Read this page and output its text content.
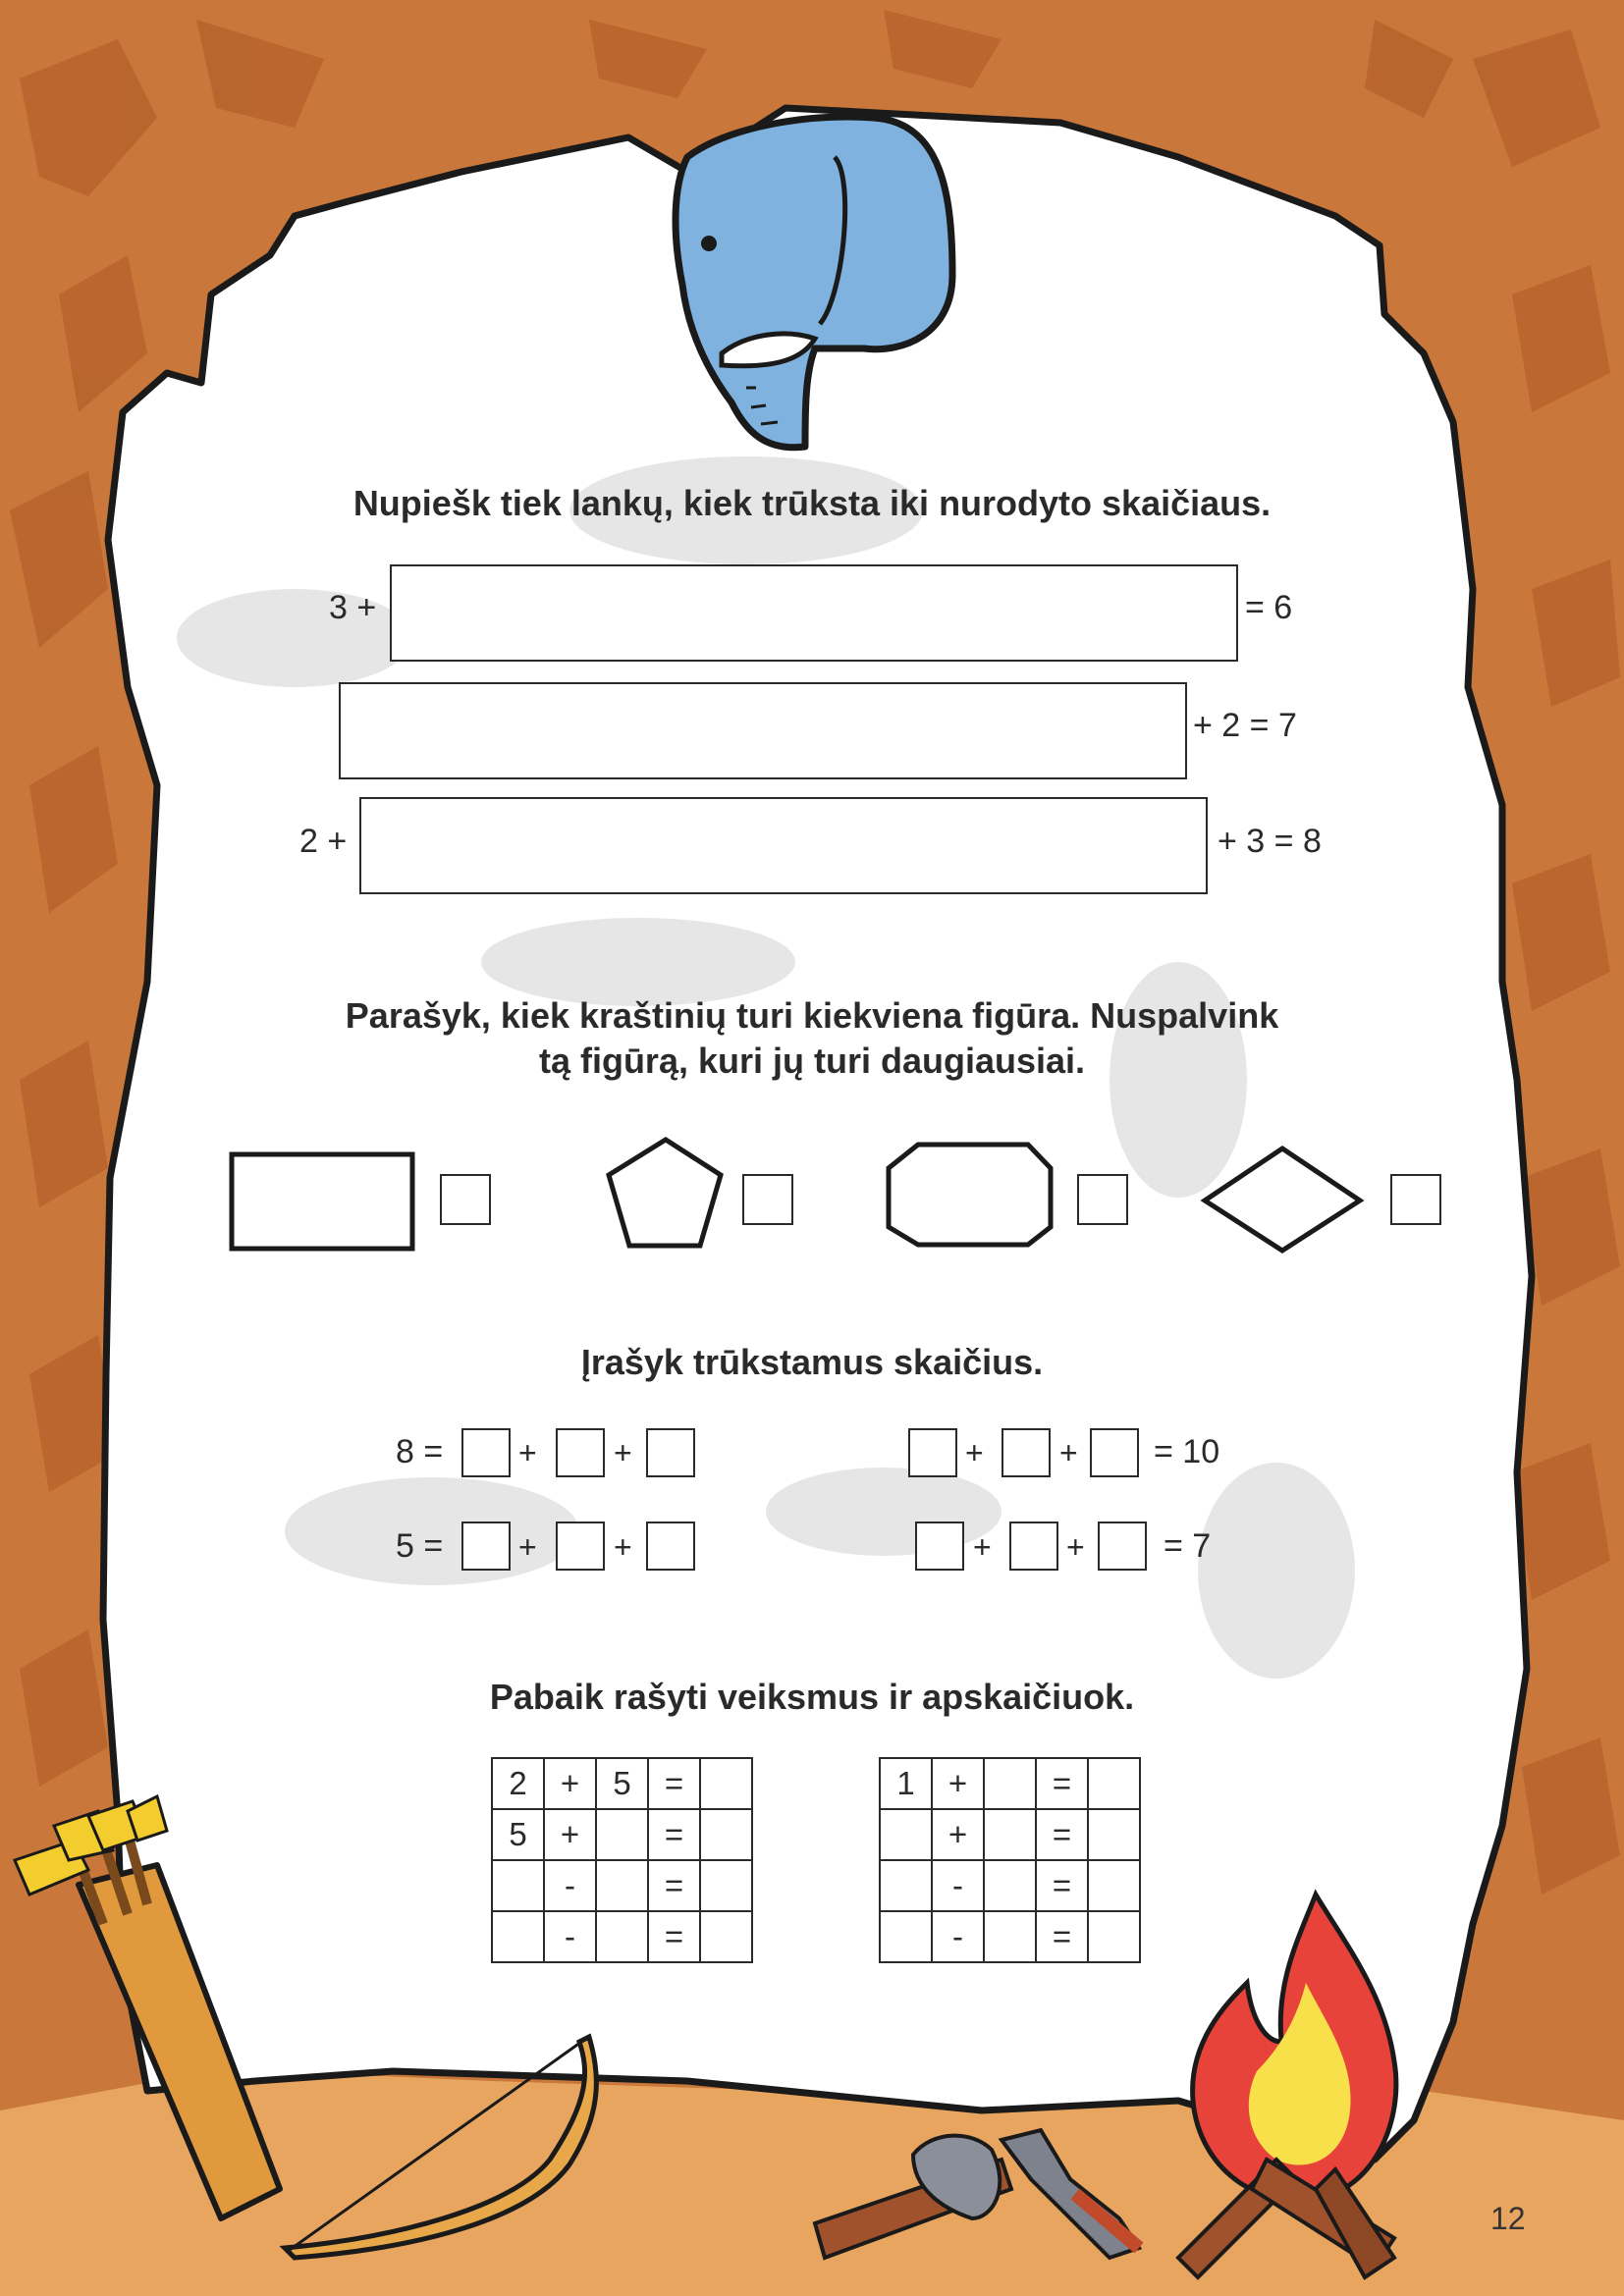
Nupiešk tiek lankų, kiek trūksta iki nurodyto skaičiaus.
3 +	= 6
+ 2 = 7
2 +	+ 3 = 8
Parašyk, kiek kraštinių turi kiekviena figūra. Nuspalvink
tą figūrą, kuri jų turi daugiausiai.
Įrašyk trūkstamus skaičius.
8 = + +
5 = + +
+ + = 10
+ + = 7
Pabaik rašyti veiksmus ir apskaičiuok.
2	+	5	=	
5	+		=	
	-		=	
	-		=	
1	+		=	
	+		=	
	-		=	
	-		=	
12
